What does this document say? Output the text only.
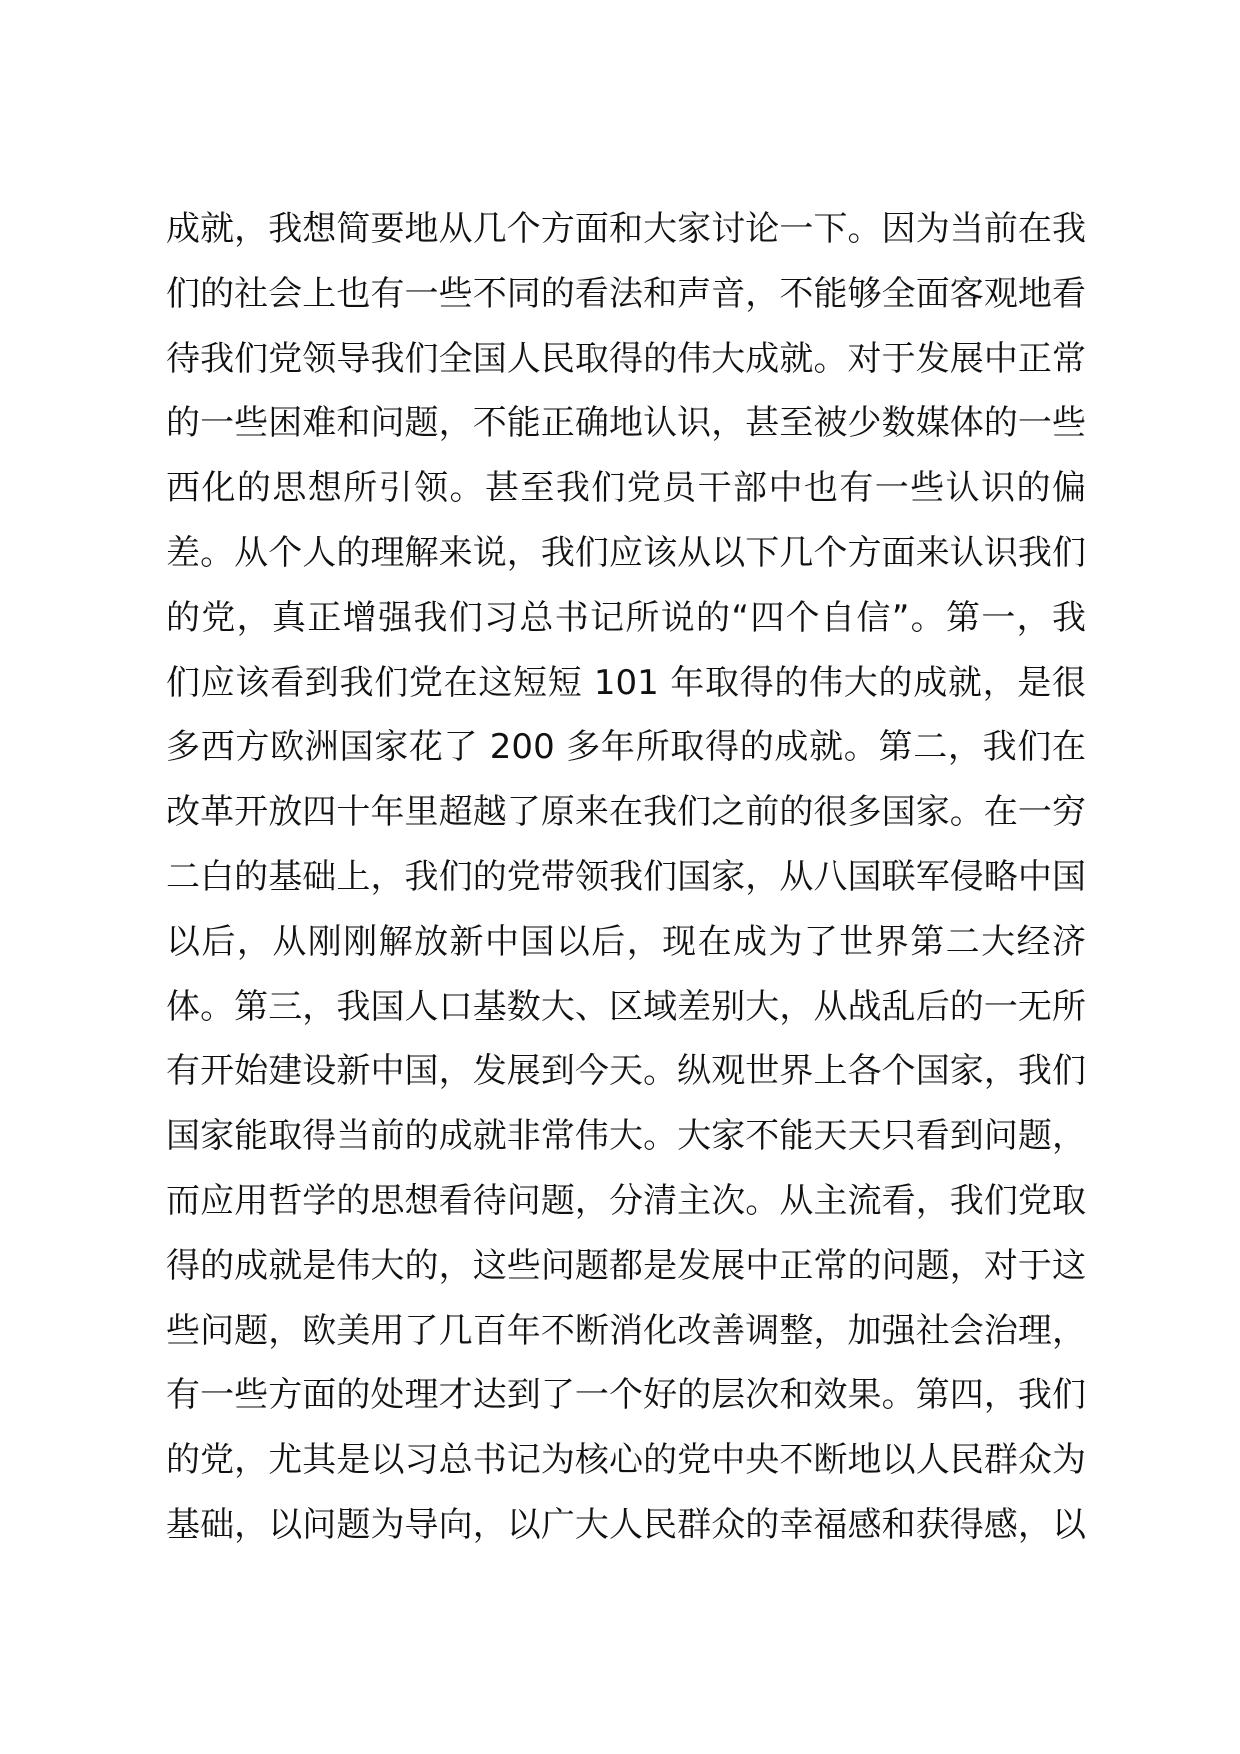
成就，我想简要地从几个方面和大家讨论一下。因为当前在我
们的社会上也有一些不同的看法和声音，不能够全面客观地看
待我们党领导我们全国人民取得的伟大成就。对于发展中正常
的一些困难和问题，不能正确地认识，甚至被少数媒体的一些
西化的思想所引领。甚至我们党员干部中也有一些认识的偏
差。从个人的理解来说，我们应该从以下几个方面来认识我们
的党，真正增强我们习总书记所说的“四个自信”。第一，我
们应该看到我们党在这短短 101 年取得的伟大的成就，是很
多西方欧洲国家花了 200 多年所取得的成就。第二，我们在
改革开放四十年里超越了原来在我们之前的很多国家。在一穷
二白的基础上，我们的党带领我们国家，从八国联军侵略中国
以后，从刚刚解放新中国以后，现在成为了世界第二大经济
体。第三，我国人口基数大、区域差别大，从战乱后的一无所
有开始建设新中国，发展到今天。纵观世界上各个国家，我们
国家能取得当前的成就非常伟大。大家不能天天只看到问题，
而应用哲学的思想看待问题，分清主次。从主流看，我们党取
得的成就是伟大的，这些问题都是发展中正常的问题，对于这
些问题，欧美用了几百年不断消化改善调整，加强社会治理，
有一些方面的处理才达到了一个好的层次和效果。第四，我们
的党，尤其是以习总书记为核心的党中央不断地以人民群众为
基础，以问题为导向，以广大人民群众的幸福感和获得感，以
